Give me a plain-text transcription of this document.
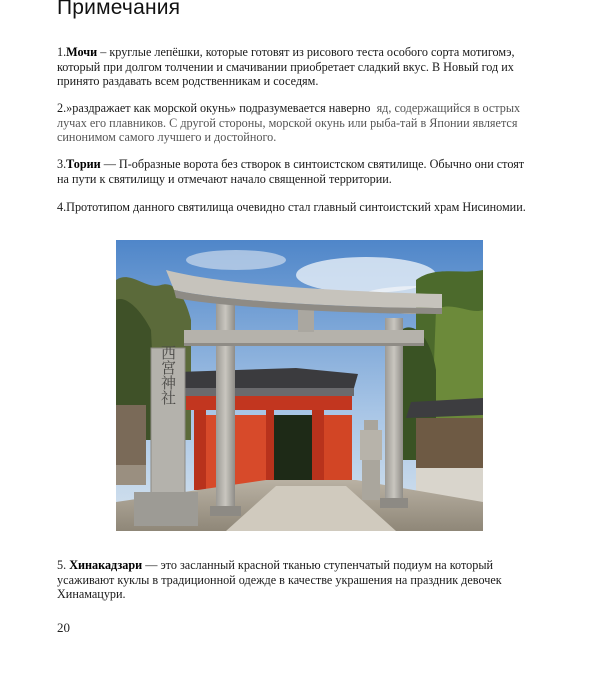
Примечания
1.Мочи – круглые лепёшки, которые готовят из рисового теста особого сорта мотигомэ, который при долгом толчении и смачивании приобретает сладкий вкус. В Новый год их принято раздавать всем родственникам и соседям.
2.»раздражает как морской окунь» подразумевается наверно яд, содержащийся в острых лучах его плавников. С другой стороны, морской окунь или рыба-тай в Японии является синонимом самого лучшего и достойного.
3.Тории — П-образные ворота без створок в синтоистском святилище. Обычно они стоят на пути к святилищу и отмечают начало священной территории.
4.Прототипом данного святилища очевидно стал главный синтоистский храм Нисиномии.
西宮神社
5. Хинакадзари — это засланный красной тканью ступенчатый подиум на который усаживают куклы в традиционной одежде в качестве украшения на праздник девочек Хинамацури.
20
